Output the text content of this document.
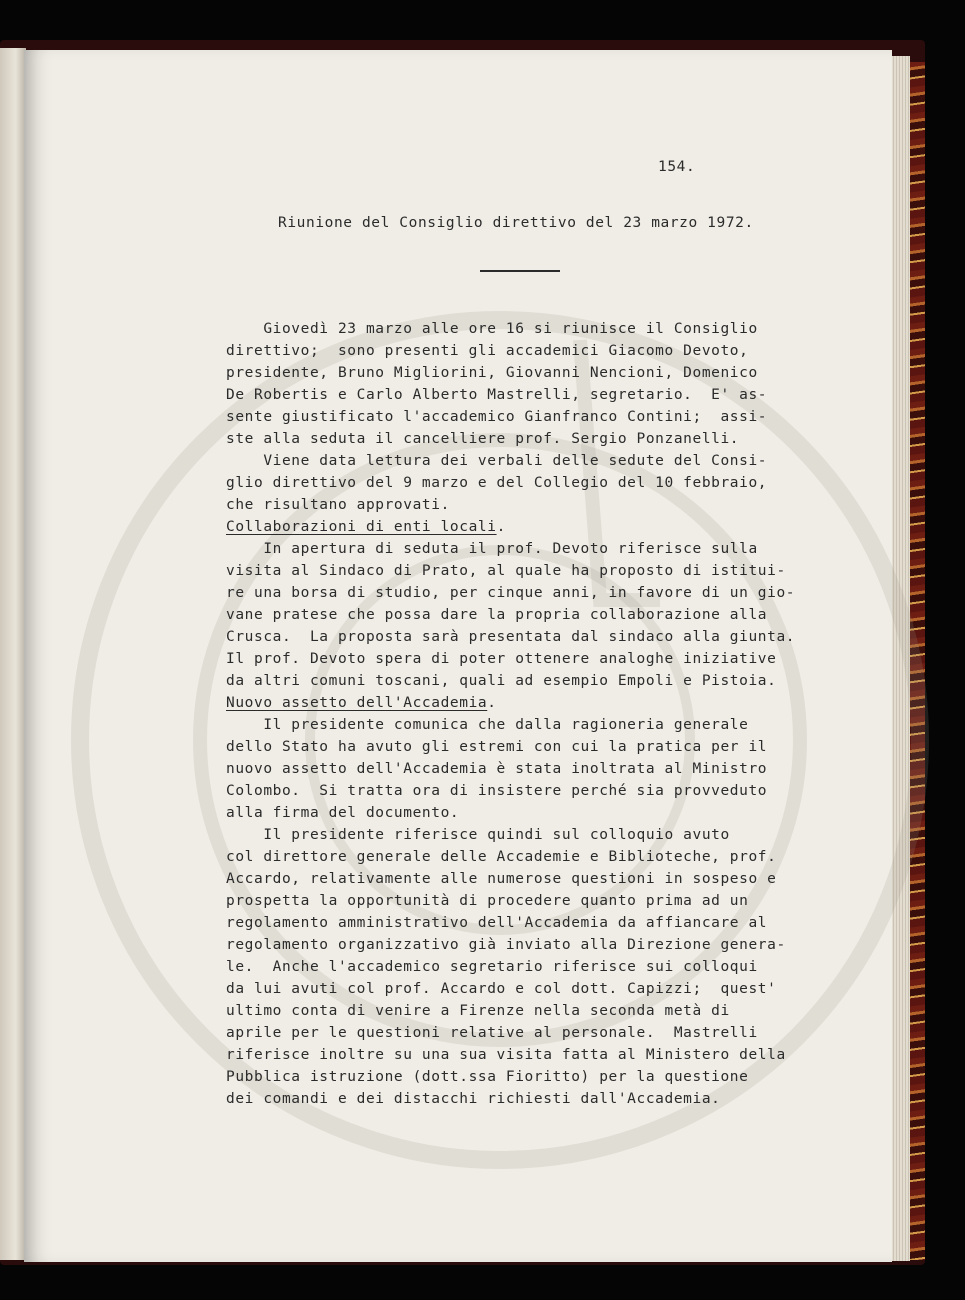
154.
Riunione del Consiglio direttivo del 23 marzo 1972.
Giovedì 23 marzo alle ore 16 si riunisce il Consiglio
direttivo;  sono presenti gli accademici Giacomo Devoto,
presidente, Bruno Migliorini, Giovanni Nencioni, Domenico
De Robertis e Carlo Alberto Mastrelli, segretario.  E' as-
sente giustificato l'accademico Gianfranco Contini;  assi-
ste alla seduta il cancelliere prof. Sergio Ponzanelli.
Viene data lettura dei verbali delle sedute del Consi-
glio direttivo del 9 marzo e del Collegio del 10 febbraio,
che risultano approvati.
Collaborazioni di enti locali.
In apertura di seduta il prof. Devoto riferisce sulla
visita al Sindaco di Prato, al quale ha proposto di istitui-
re una borsa di studio, per cinque anni, in favore di un gio-
vane pratese che possa dare la propria collaborazione alla
Crusca.  La proposta sarà presentata dal sindaco alla giunta.
Il prof. Devoto spera di poter ottenere analoghe iniziative
da altri comuni toscani, quali ad esempio Empoli e Pistoia.
Nuovo assetto dell'Accademia.
Il presidente comunica che dalla ragioneria generale
dello Stato ha avuto gli estremi con cui la pratica per il
nuovo assetto dell'Accademia è stata inoltrata al Ministro
Colombo.  Si tratta ora di insistere perché sia provveduto
alla firma del documento.
Il presidente riferisce quindi sul colloquio avuto
col direttore generale delle Accademie e Biblioteche, prof.
Accardo, relativamente alle numerose questioni in sospeso e
prospetta la opportunità di procedere quanto prima ad un
regolamento amministrativo dell'Accademia da affiancare al
regolamento organizzativo già inviato alla Direzione genera-
le.  Anche l'accademico segretario riferisce sui colloqui
da lui avuti col prof. Accardo e col dott. Capizzi;  quest'
ultimo conta di venire a Firenze nella seconda metà di
aprile per le questioni relative al personale.  Mastrelli
riferisce inoltre su una sua visita fatta al Ministero della
Pubblica istruzione (dott.ssa Fioritto) per la questione
dei comandi e dei distacchi richiesti dall'Accademia.
